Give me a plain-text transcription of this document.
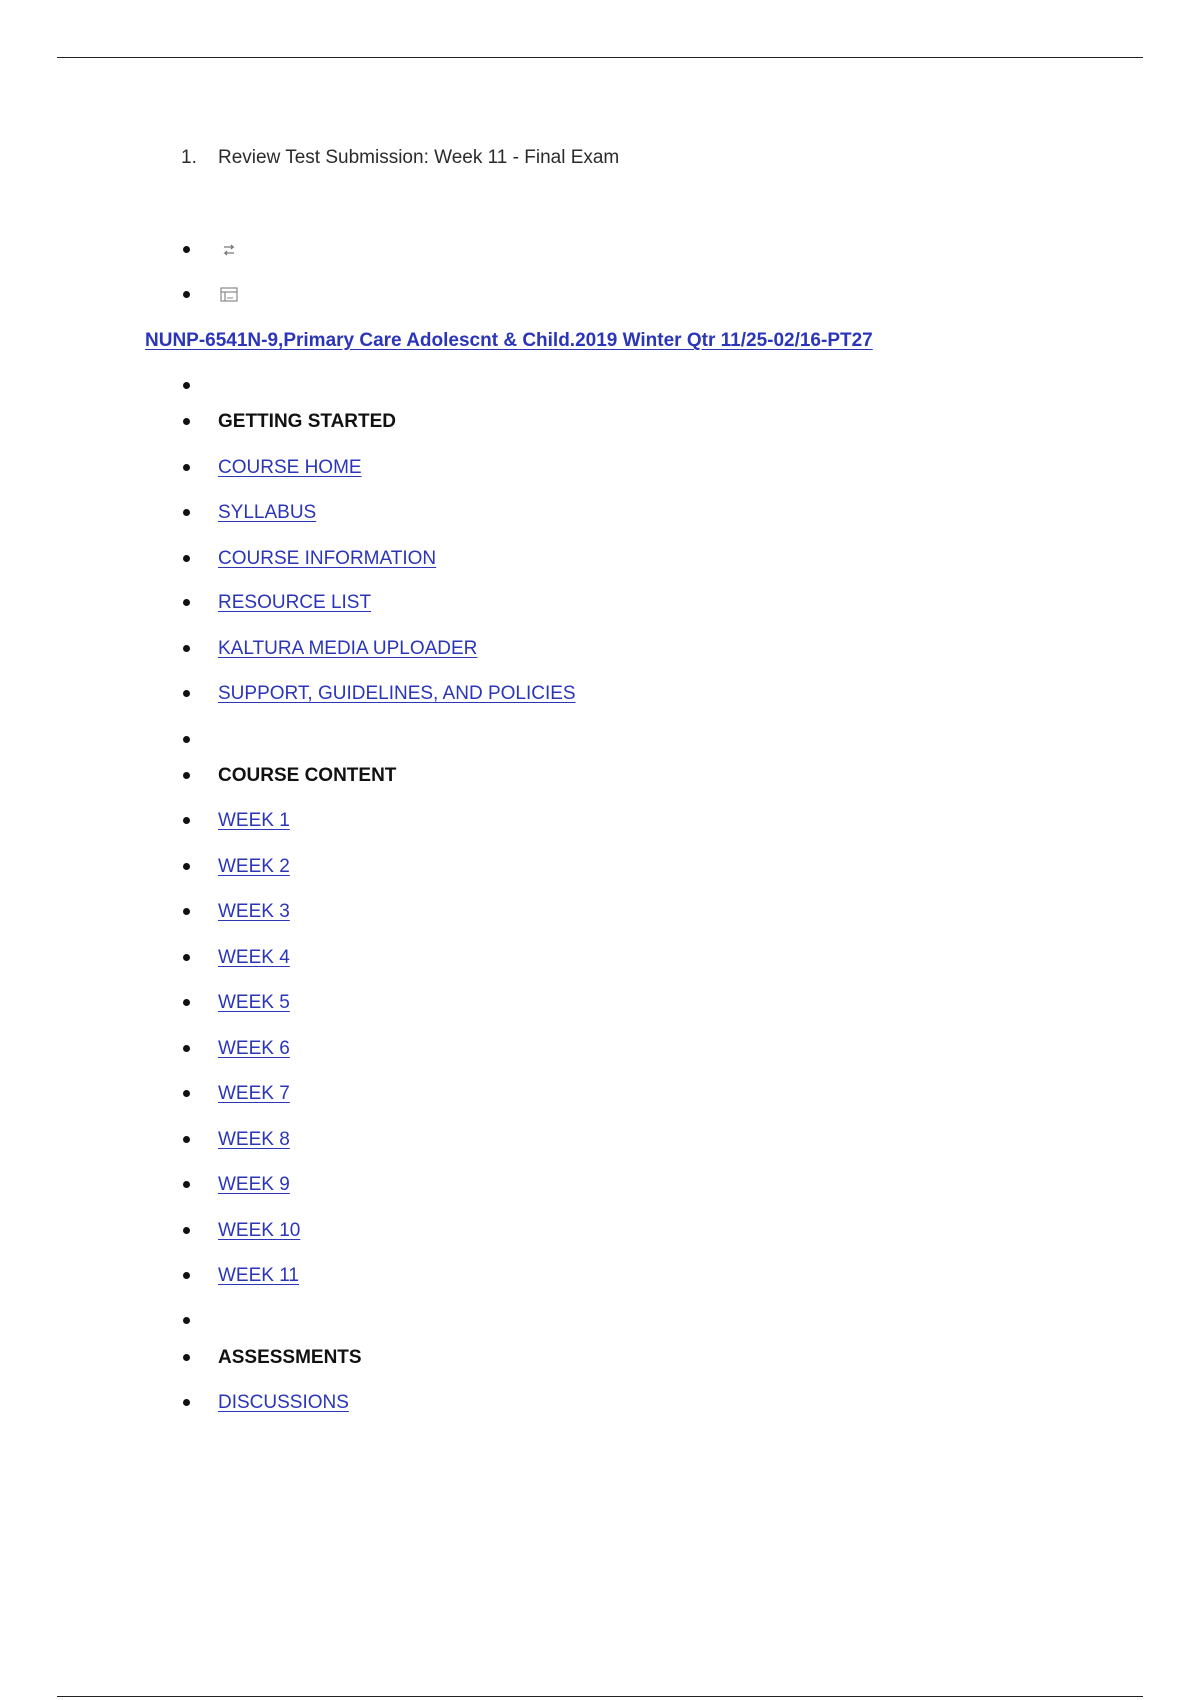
1. Review Test Submission: Week 11 - Final Exam
NUNP-6541N-9,Primary Care Adolescnt & Child.2019 Winter Qtr 11/25-02/16-PT27
GETTING STARTED
COURSE HOME
SYLLABUS
COURSE INFORMATION
RESOURCE LIST
KALTURA MEDIA UPLOADER
SUPPORT, GUIDELINES, AND POLICIES
COURSE CONTENT
WEEK 1
WEEK 2
WEEK 3
WEEK 4
WEEK 5
WEEK 6
WEEK 7
WEEK 8
WEEK 9
WEEK 10
WEEK 11
ASSESSMENTS
DISCUSSIONS
